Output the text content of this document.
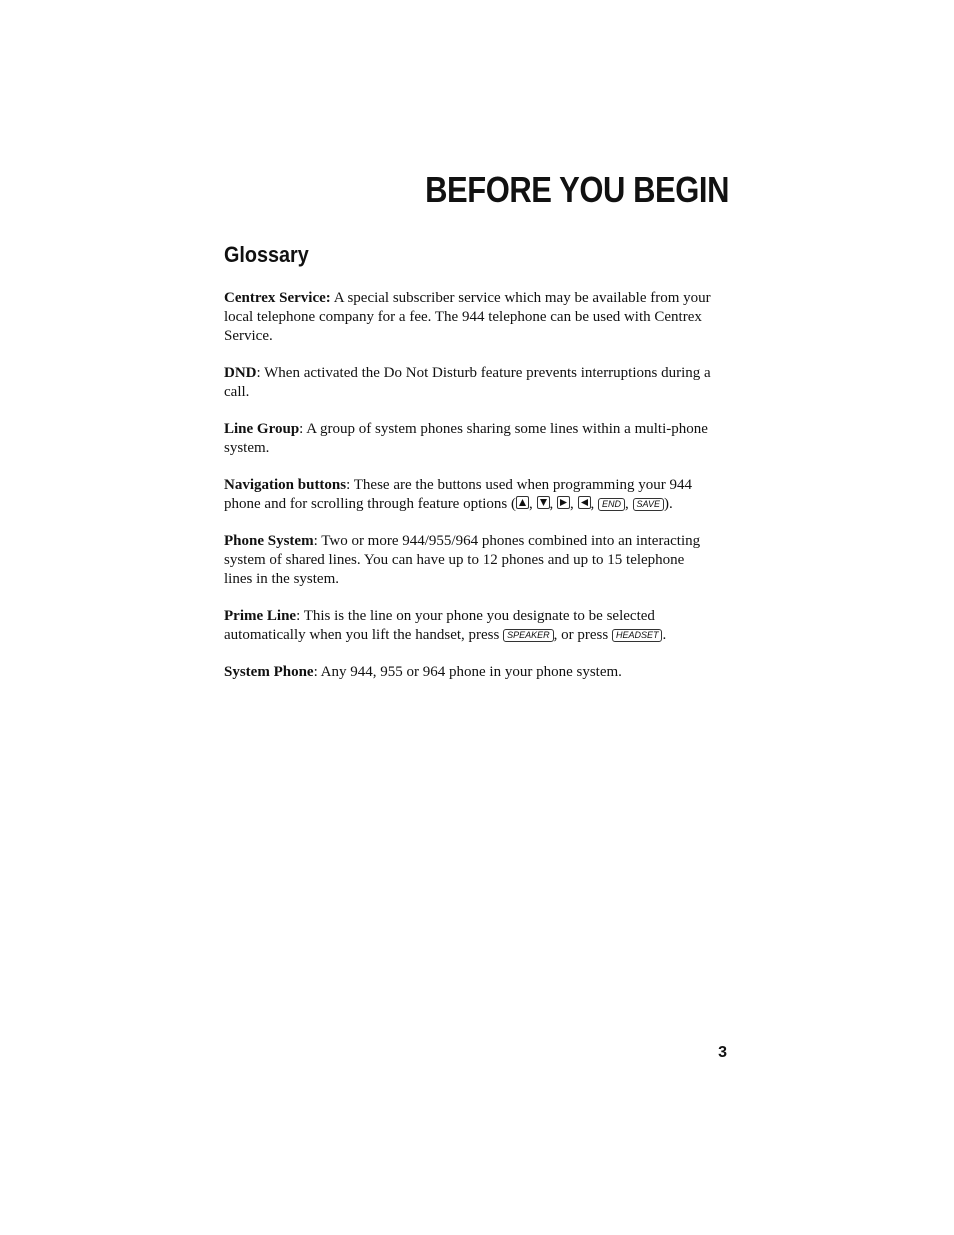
BEFORE YOU BEGIN
Glossary

Centrex Service: A special subscriber service which may be available from your local telephone company for a fee. The 944 telephone can be used with Centrex Service.

DND: When activated the Do Not Disturb feature prevents interruptions during a call.

Line Group: A group of system phones sharing some lines within a multi-phone system.

Navigation buttons: These are the buttons used when programming your 944 phone and for scrolling through feature options ( ,
,
,
, END , SAVE ).

Phone System: Two or more 944/955/964 phones combined into an interacting system of shared lines. You can have up to 12 phones and up to 15 telephone lines in the system.

Prime Line: This is the line on your phone you designate to be selected automatically when you lift the handset, press SPEAKER , or press HEADSET .

System Phone: Any 944, 955 or 964 phone in your phone system.

3
